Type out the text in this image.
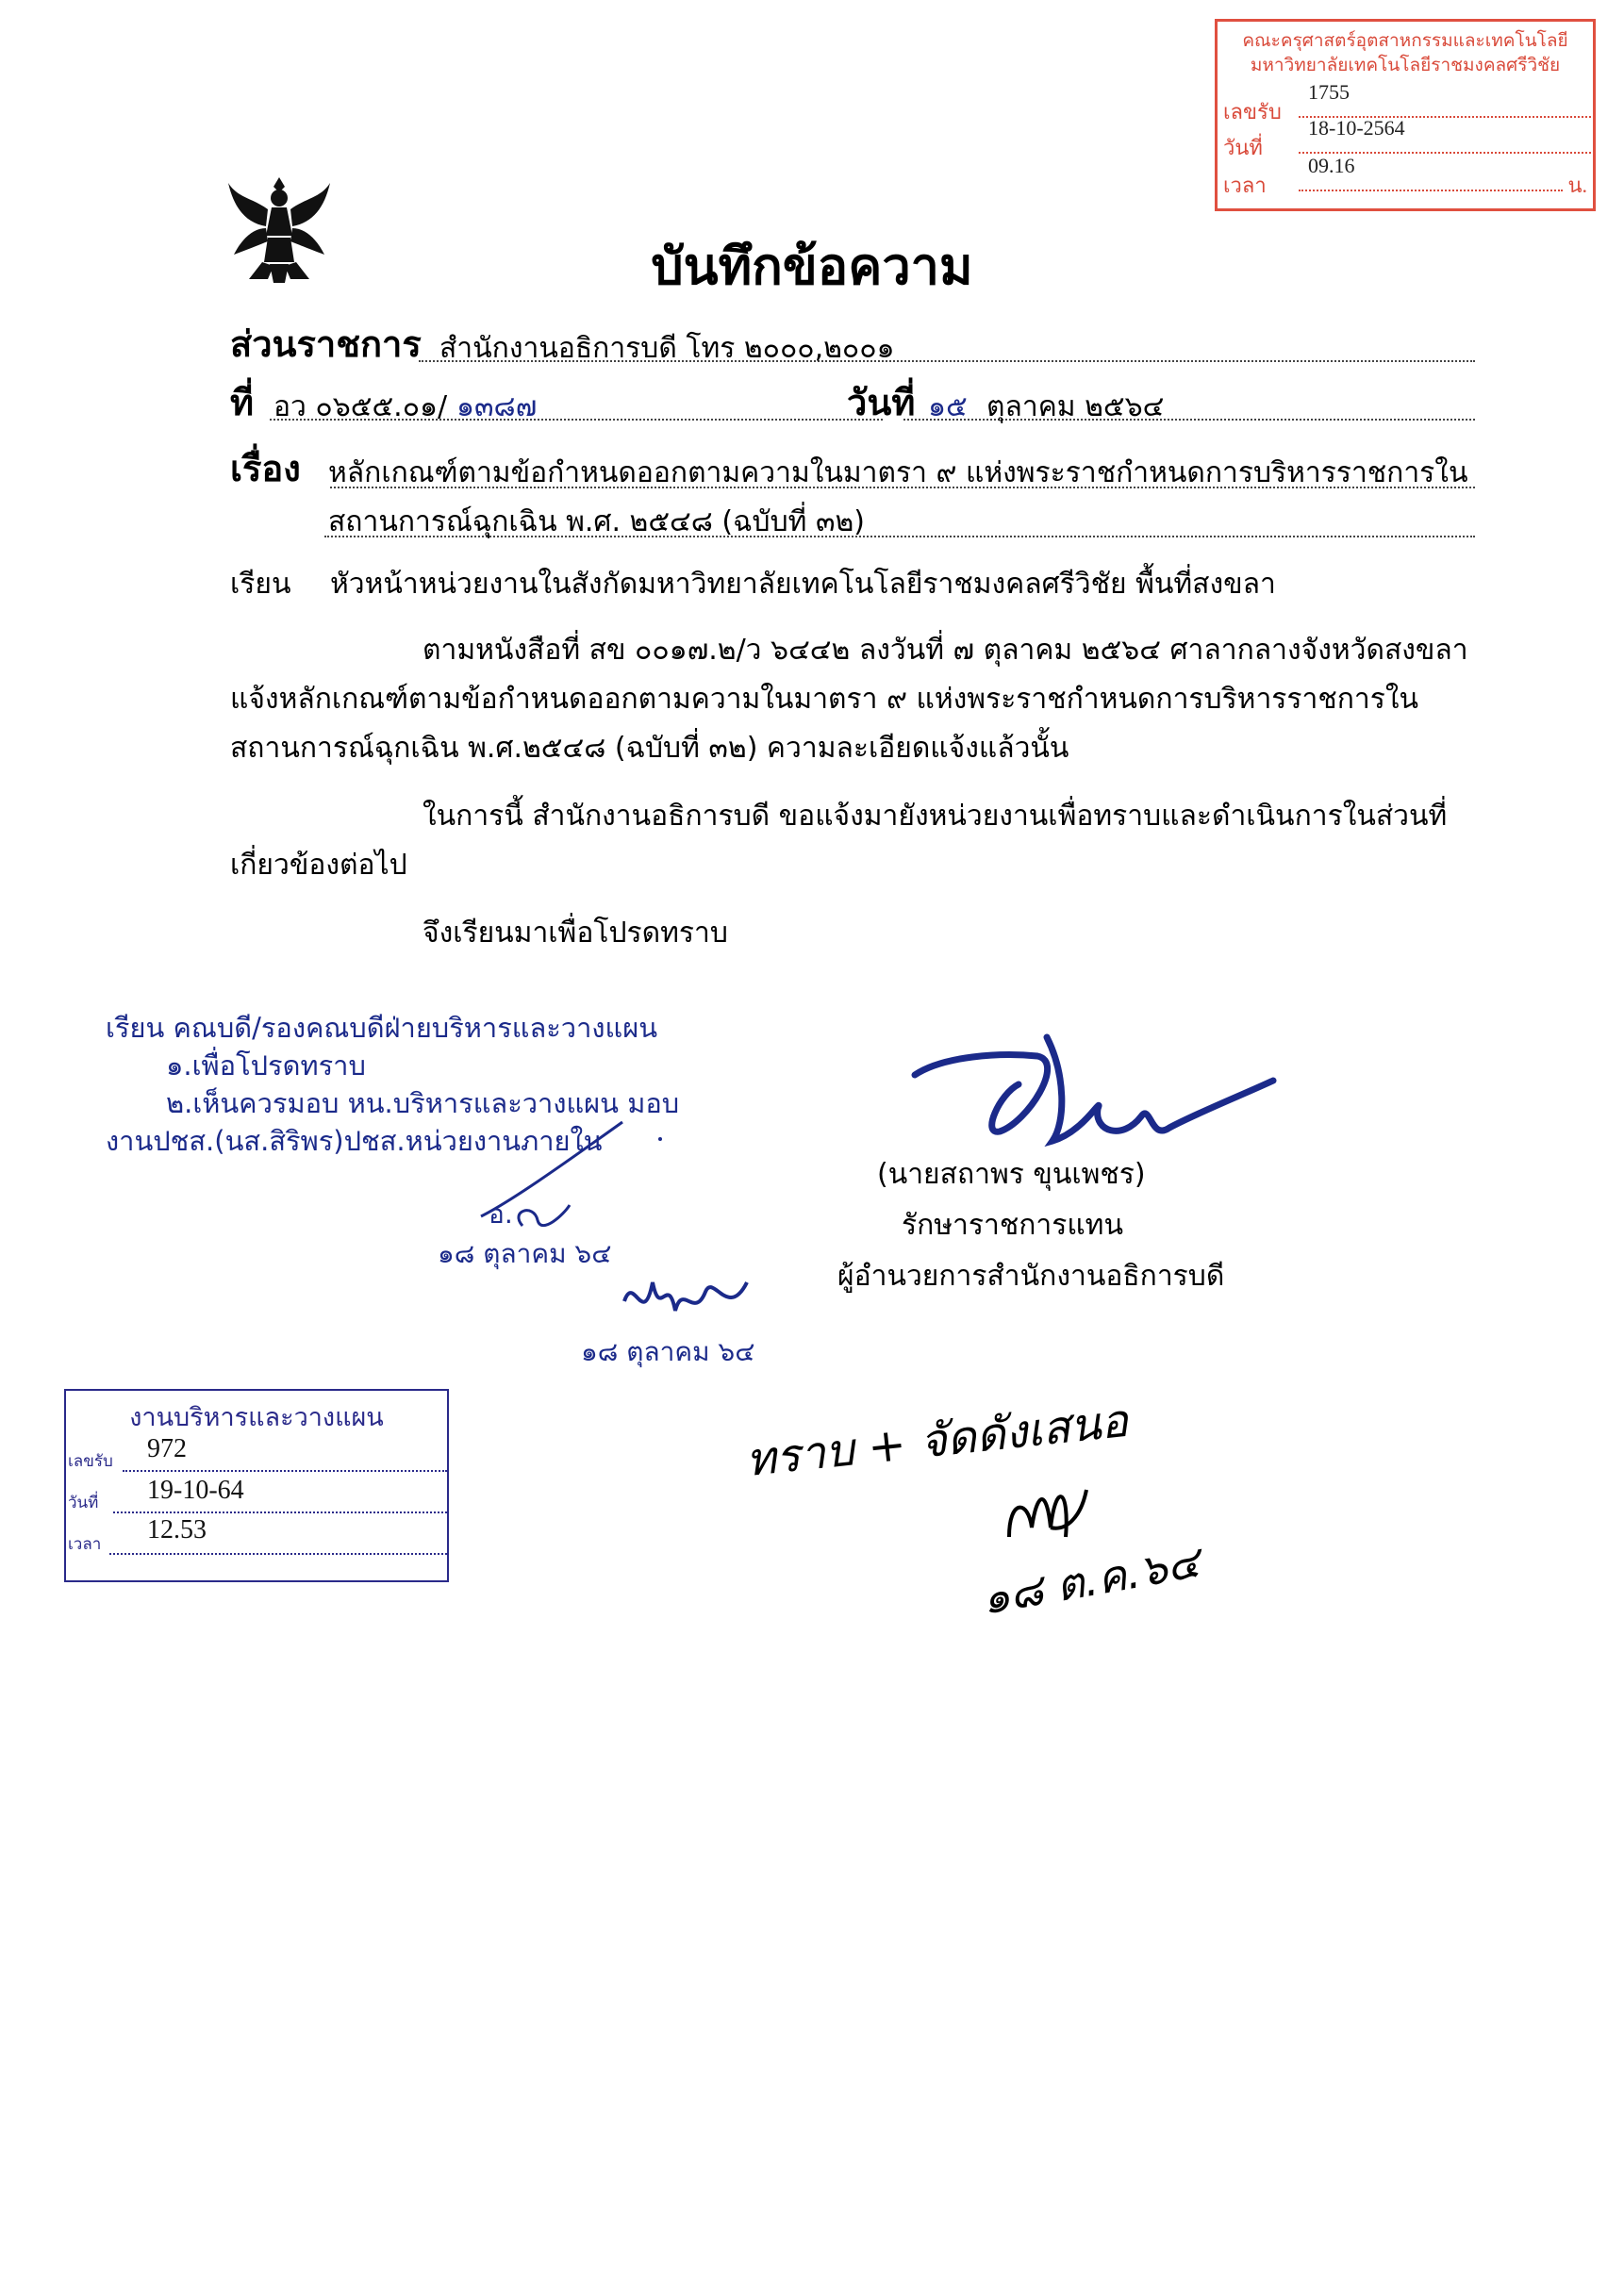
คณะครุศาสตร์อุตสาหกรรมและเทคโนโลยี
มหาวิทยาลัยเทคโนโลยีราชมงคลศรีวิชัย
เลขรับ
1755
วันที่
18-10-2564
เวลา
09.16
น.
บันทึกข้อความ
ส่วนราชการ สำนักงานอธิการบดี โทร ๒๐๐๐,๒๐๐๑
ที่ อว ๐๖๕๕.๐๑/ ๑๓๘๗	วันที่ ๑๕ ตุลาคม ๒๕๖๔
เรื่อง หลักเกณฑ์ตามข้อกำหนดออกตามความในมาตรา ๙ แห่งพระราชกำหนดการบริหารราชการใน
สถานการณ์ฉุกเฉิน พ.ศ. ๒๕๔๘ (ฉบับที่ ๓๒)
เรียน หัวหน้าหน่วยงานในสังกัดมหาวิทยาลัยเทคโนโลยีราชมงคลศรีวิชัย พื้นที่สงขลา
ตามหนังสือที่ สข ๐๐๑๗.๒/ว ๖๔๔๒ ลงวันที่ ๗ ตุลาคม ๒๕๖๔ ศาลากลางจังหวัดสงขลา
แจ้งหลักเกณฑ์ตามข้อกำหนดออกตามความในมาตรา ๙ แห่งพระราชกำหนดการบริหารราชการใน
สถานการณ์ฉุกเฉิน พ.ศ.๒๕๔๘ (ฉบับที่ ๓๒) ความละเอียดแจ้งแล้วนั้น
ในการนี้ สำนักงานอธิการบดี ขอแจ้งมายังหน่วยงานเพื่อทราบและดำเนินการในส่วนที่
เกี่ยวข้องต่อไป
จึงเรียนมาเพื่อโปรดทราบ
เรียน คณบดี/รองคณบดีฝ่ายบริหารและวางแผน
๑.เพื่อโปรดทราบ
๒.เห็นควรมอบ หน.บริหารและวางแผน มอบ
งานปชส.(นส.สิริพร)ปชส.หน่วยงานภายใน
อ.
๑๘ ตุลาคม ๖๔
๑๘ ตุลาคม ๖๔
(นายสถาพร ขุนเพชร)
รักษาราชการแทน
ผู้อำนวยการสำนักงานอธิการบดี
งานบริหารและวางแผน
เลขรับ 972
วันที่ 19-10-64
เวลา 12.53
ทราบ + จัดดังเสนอ
๑๘ ต.ค.๖๔
